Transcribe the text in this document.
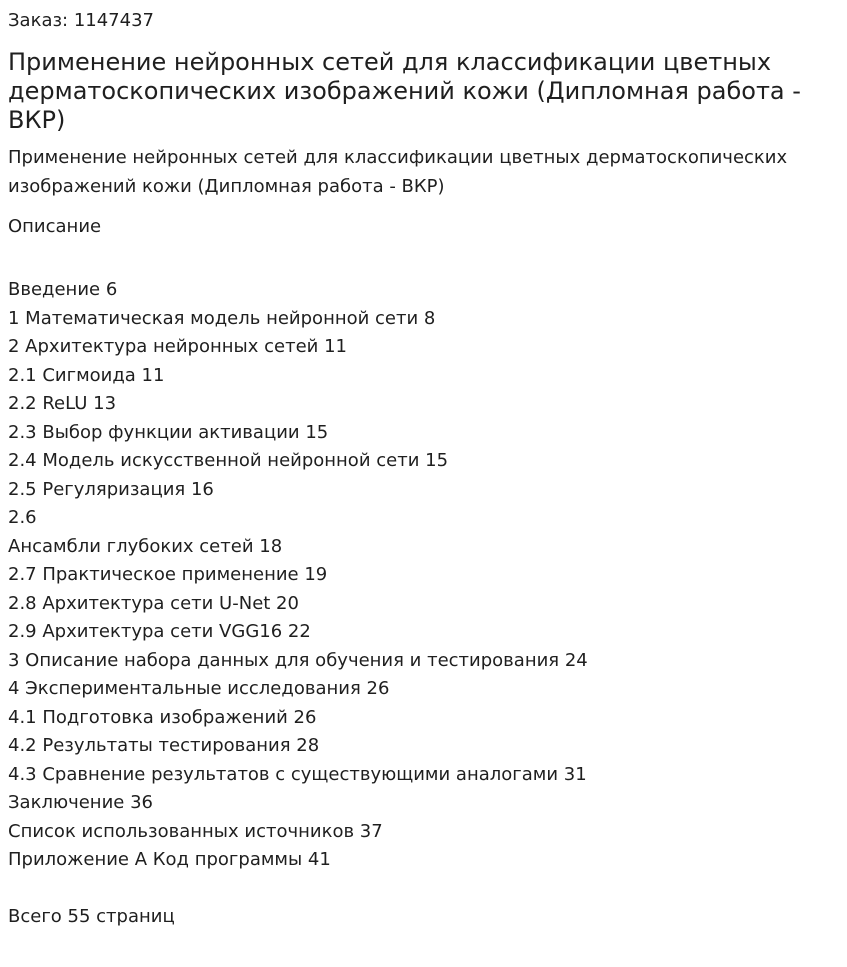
Заказ: 1147437
Применение нейронных сетей для классификации цветных дерматоскопических изображений кожи (Дипломная работа - ВКР)

Применение нейронных сетей для классификации цветных дерматоскопических изображений кожи (Дипломная работа - ВКР)

Описание
Введение 6
1 Математическая модель нейронной сети 8
2 Архитектура нейронных сетей 11
2.1 Сигмоида 11
2.2 ReLU 13
2.3 Выбор функции активации 15
2.4 Модель искусственной нейронной сети 15
2.5 Регуляризация 16
2.6
Ансамбли глубоких сетей 18
2.7 Практическое применение 19
2.8 Архитектура сети U-Net 20
2.9 Архитектура сети VGG16 22
3 Описание набора данных для обучения и тестирования 24
4 Экспериментальные исследования 26
4.1 Подготовка изображений 26
4.2 Результаты тестирования 28
4.3 Сравнение результатов с существующими аналогами 31
Заключение 36
Список использованных источников 37
Приложение А Код программы 41
Всего 55 страниц
